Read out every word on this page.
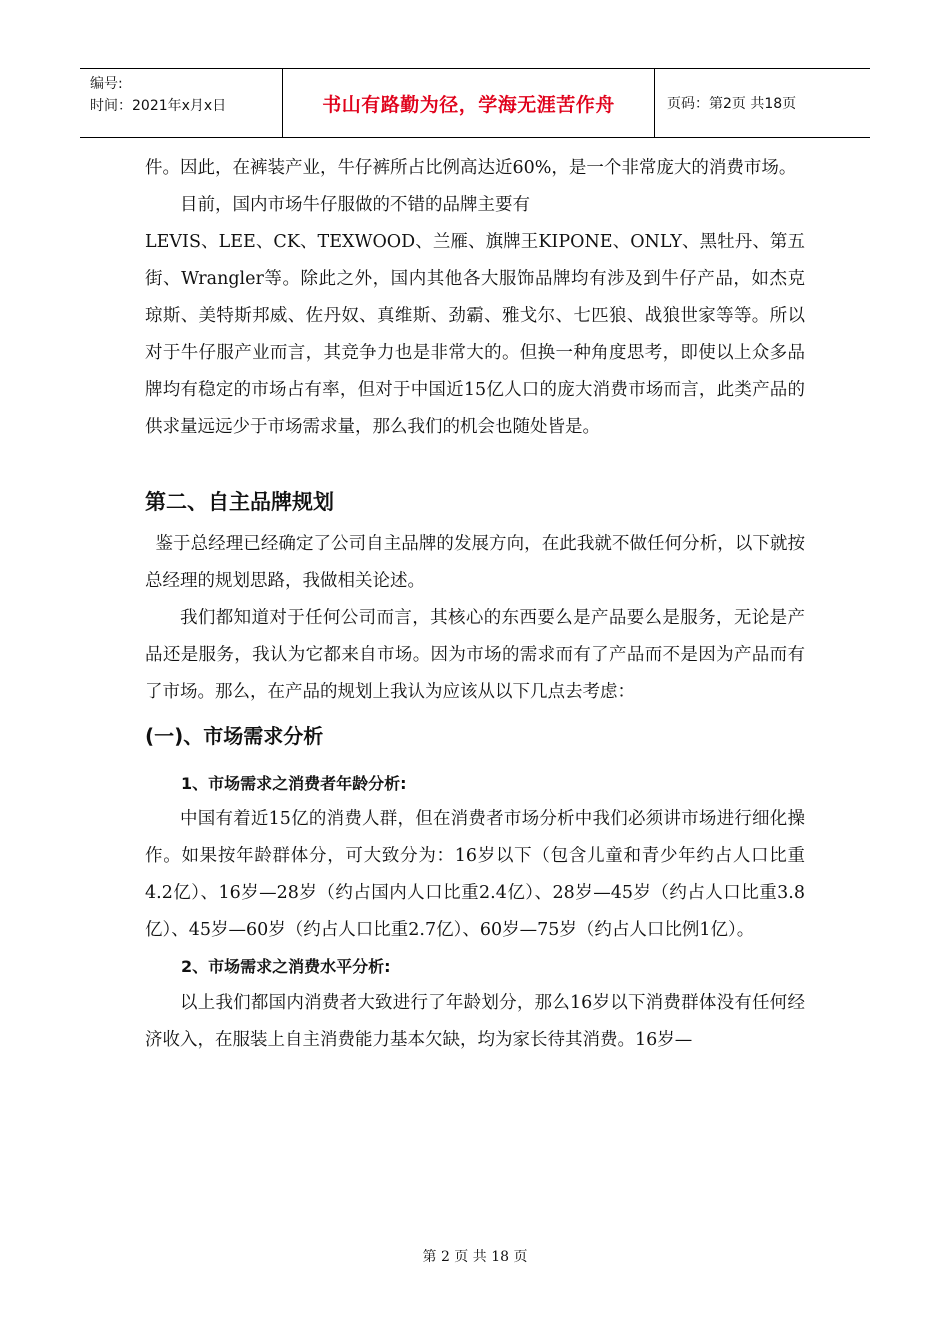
编号:
时间：2021年x月x日	书山有路勤为径，学海无涯苦作舟	页码：第2页 共18页

件。因此，在裤装产业，牛仔裤所占比例高达近60%，是一个非常庞大的消费市场。

目前，国内市场牛仔服做的不错的品牌主要有

LEVIS、LEE、CK、TEXWOOD、兰雁、旗牌王KIPONE、ONLY、黑牡丹、第五街、Wrangler等。除此之外，国内其他各大服饰品牌均有涉及到牛仔产品，如杰克琼斯、美特斯邦威、佐丹奴、真维斯、劲霸、雅戈尔、七匹狼、战狼世家等等。所以对于牛仔服产业而言，其竞争力也是非常大的。但换一种角度思考，即使以上众多品牌均有稳定的市场占有率，但对于中国近15亿人口的庞大消费市场而言，此类产品的供求量远远少于市场需求量，那么我们的机会也随处皆是。

第二、自主品牌规划

鉴于总经理已经确定了公司自主品牌的发展方向，在此我就不做任何分析，以下就按总经理的规划思路，我做相关论述。

我们都知道对于任何公司而言，其核心的东西要么是产品要么是服务，无论是产品还是服务，我认为它都来自市场。因为市场的需求而有了产品而不是因为产品而有了市场。那么，在产品的规划上我认为应该从以下几点去考虑：

(一)、市场需求分析

1、市场需求之消费者年龄分析:

中国有着近15亿的消费人群，但在消费者市场分析中我们必须讲市场进行细化操作。如果按年龄群体分，可大致分为：16岁以下（包含儿童和青少年约占人口比重4.2亿）、16岁—28岁（约占国内人口比重2.4亿）、28岁—45岁（约占人口比重3.8亿）、45岁—60岁（约占人口比重2.7亿）、60岁—75岁（约占人口比例1亿）。

2、市场需求之消费水平分析:

以上我们都国内消费者大致进行了年龄划分，那么16岁以下消费群体没有任何经济收入，在服装上自主消费能力基本欠缺，均为家长待其消费。16岁—

第 2 页 共 18 页
